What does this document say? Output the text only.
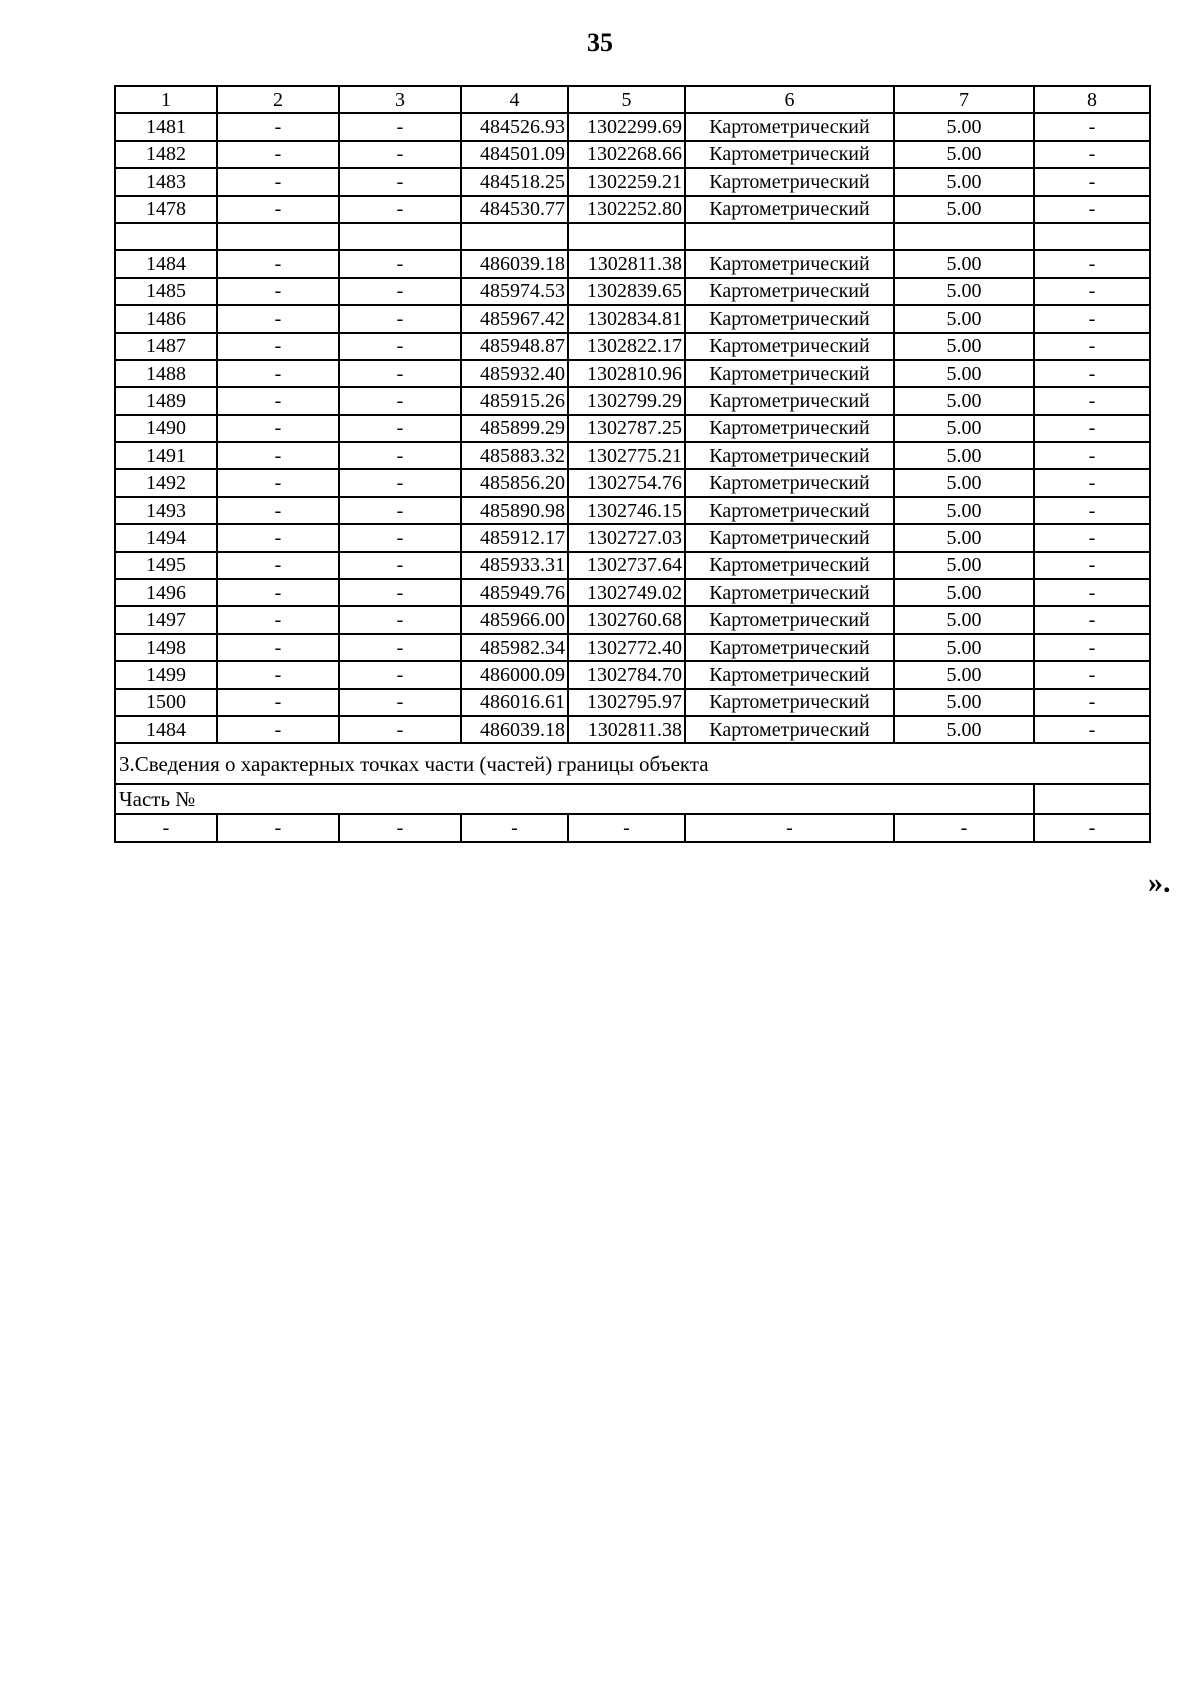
35
1	2	3	4	5	6	7	8
1481	-	-	484526.93	1302299.69	Картометрический	5.00	-
1482	-	-	484501.09	1302268.66	Картометрический	5.00	-
1483	-	-	484518.25	1302259.21	Картометрический	5.00	-
1478	-	-	484530.77	1302252.80	Картометрический	5.00	-

1484	-	-	486039.18	1302811.38	Картометрический	5.00	-
1485	-	-	485974.53	1302839.65	Картометрический	5.00	-
1486	-	-	485967.42	1302834.81	Картометрический	5.00	-
1487	-	-	485948.87	1302822.17	Картометрический	5.00	-
1488	-	-	485932.40	1302810.96	Картометрический	5.00	-
1489	-	-	485915.26	1302799.29	Картометрический	5.00	-
1490	-	-	485899.29	1302787.25	Картометрический	5.00	-
1491	-	-	485883.32	1302775.21	Картометрический	5.00	-
1492	-	-	485856.20	1302754.76	Картометрический	5.00	-
1493	-	-	485890.98	1302746.15	Картометрический	5.00	-
1494	-	-	485912.17	1302727.03	Картометрический	5.00	-
1495	-	-	485933.31	1302737.64	Картометрический	5.00	-
1496	-	-	485949.76	1302749.02	Картометрический	5.00	-
1497	-	-	485966.00	1302760.68	Картометрический	5.00	-
1498	-	-	485982.34	1302772.40	Картометрический	5.00	-
1499	-	-	486000.09	1302784.70	Картометрический	5.00	-
1500	-	-	486016.61	1302795.97	Картометрический	5.00	-
1484	-	-	486039.18	1302811.38	Картометрический	5.00	-
3.Сведения о характерных точках части (частей) границы объекта							
Часть №							
-	-	-	-	-	-	-	-
».
